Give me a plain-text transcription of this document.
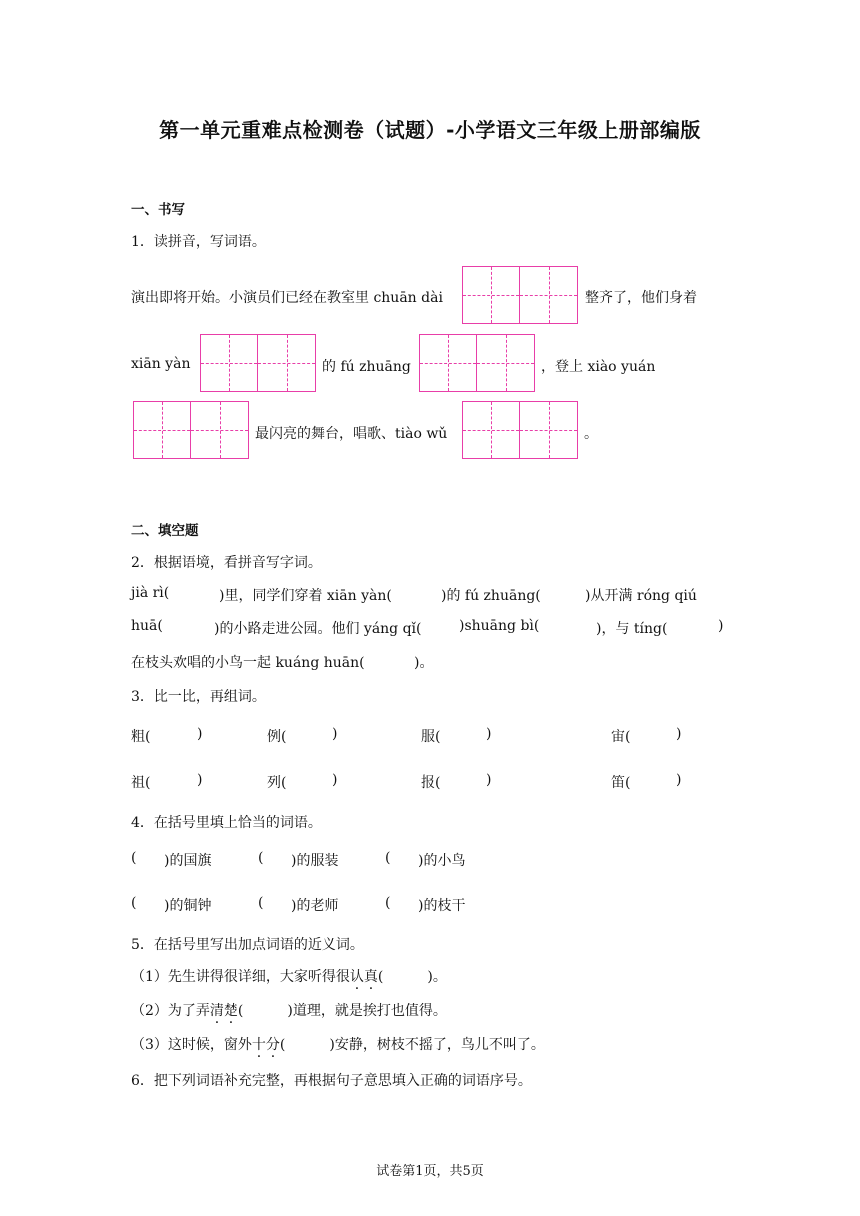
第一单元重难点检测卷（试题）-小学语文三年级上册部编版
一、书写
1．读拼音，写词语。
演出即将开始。小演员们已经在教室里 chuān dài	整齐了，他们身着
xiān yàn	的 fú zhuāng	，登上 xiào yuán
最闪亮的舞台，唱歌、tiào wǔ	。
二、填空题
2．根据语境，看拼音写字词。
jià rì(	)里，同学们穿着 xiān yàn(	)的 fú zhuāng(	)从开满 róng qiú
huā(	)的小路走进公园。他们 yáng qǐ(	)shuāng bì(	)，与 tíng(	)
在枝头欢唱的小鸟一起 kuáng huān(	)。
3．比一比，再组词。
粗(	)	例(	)	服(	)	宙(	)
祖(	)	列(	)	报(	)	笛(	)
4．在括号里填上恰当的词语。
( )的国旗	( )的服装	( )的小鸟
( )的铜钟	( )的老师	( )的枝干
5．在括号里写出加点词语的近义词。
（1）先生讲得很详细，大家听得很认真(	)。
（2）为了弄清楚(	)道理，就是挨打也值得。
（3）这时候，窗外十分(	)安静，树枝不摇了，鸟儿不叫了。
6．把下列词语补充完整，再根据句子意思填入正确的词语序号。
试卷第1页，共5页
